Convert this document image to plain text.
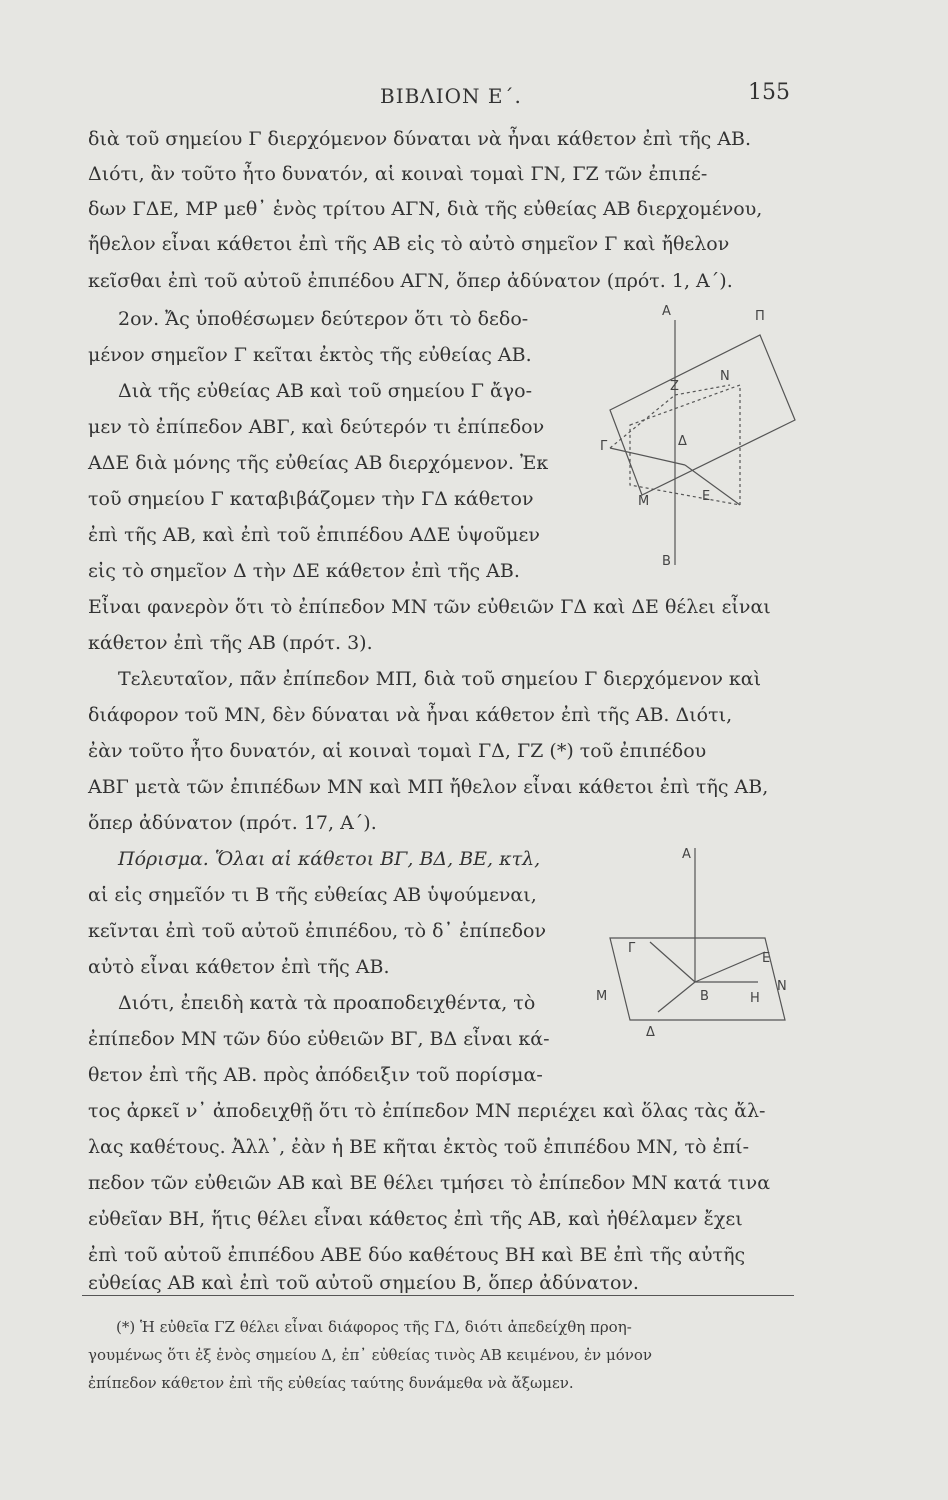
ΒΙΒΛΙΟΝ Ε΄.	155
διὰ τοῦ σημείου Γ διερχόμενον δύναται νὰ ἦναι κάθετον ἐπὶ τῆς ΑΒ.
Διότι, ἂν τοῦτο ἦτο δυνατόν, αἱ κοιναὶ τομαὶ ΓΝ, ΓΖ τῶν ἐπιπέ-
δων ΓΔΕ, ΜΡ μεθ᾽ ἑνὸς τρίτου ΑΓΝ, διὰ τῆς εὐθείας ΑΒ διερχομένου,
ἤθελον εἶναι κάθετοι ἐπὶ τῆς ΑΒ εἰς τὸ αὐτὸ σημεῖον Γ καὶ ἤθελον
κεῖσθαι ἐπὶ τοῦ αὐτοῦ ἐπιπέδου ΑΓΝ, ὅπερ ἀδύνατον (πρότ. 1, Α΄).
2ον. Ἄς ὑποθέσωμεν δεύτερον ὅτι τὸ δεδο-
μένον σημεῖον Γ κεῖται ἐκτὸς τῆς εὐθείας ΑΒ.
Διὰ τῆς εὐθείας ΑΒ καὶ τοῦ σημείου Γ ἄγο-
μεν τὸ ἐπίπεδον ΑΒΓ, καὶ δεύτερόν τι ἐπίπεδον
ΑΔΕ διὰ μόνης τῆς εὐθείας ΑΒ διερχόμενον. Ἐκ
τοῦ σημείου Γ καταβιβάζομεν τὴν ΓΔ κάθετον
ἐπὶ τῆς ΑΒ, καὶ ἐπὶ τοῦ ἐπιπέδου ΑΔΕ ὑψοῦμεν
εἰς τὸ σημεῖον Δ τὴν ΔΕ κάθετον ἐπὶ τῆς ΑΒ.
Εἶναι φανερὸν ὅτι τὸ ἐπίπεδον ΜΝ τῶν εὐθειῶν ΓΔ καὶ ΔΕ θέλει εἶναι
κάθετον ἐπὶ τῆς ΑΒ (πρότ. 3).
Τελευταῖον, πᾶν ἐπίπεδον ΜΠ, διὰ τοῦ σημείου Γ διερχόμενον καὶ
διάφορον τοῦ ΜΝ, δὲν δύναται νὰ ἦναι κάθετον ἐπὶ τῆς ΑΒ. Διότι,
ἐὰν τοῦτο ἦτο δυνατόν, αἱ κοιναὶ τομαὶ ΓΔ, ΓΖ (*) τοῦ ἐπιπέδου
ΑΒΓ μετὰ τῶν ἐπιπέδων ΜΝ καὶ ΜΠ ἤθελον εἶναι κάθετοι ἐπὶ τῆς ΑΒ,
ὅπερ ἀδύνατον (πρότ. 17, Α΄).
Πόρισμα. Ὅλαι αἱ κάθετοι ΒΓ, ΒΔ, ΒΕ, κτλ,
αἱ εἰς σημεῖόν τι Β τῆς εὐθείας ΑΒ ὑψούμεναι,
κεῖνται ἐπὶ τοῦ αὐτοῦ ἐπιπέδου, τὸ δ᾽ ἐπίπεδον
αὐτὸ εἶναι κάθετον ἐπὶ τῆς ΑΒ.
Διότι, ἐπειδὴ κατὰ τὰ προαποδειχθέντα, τὸ
ἐπίπεδον ΜΝ τῶν δύο εὐθειῶν ΒΓ, ΒΔ εἶναι κά-
θετον ἐπὶ τῆς ΑΒ. πρὸς ἀπόδειξιν τοῦ πορίσμα-
τος ἀρκεῖ ν᾽ ἀποδειχθῇ ὅτι τὸ ἐπίπεδον ΜΝ περιέχει καὶ ὅλας τὰς ἄλ-
λας καθέτους. Ἀλλ᾽, ἐὰν ἡ ΒΕ κῆται ἐκτὸς τοῦ ἐπιπέδου ΜΝ, τὸ ἐπί-
πεδον τῶν εὐθειῶν ΑΒ καὶ ΒΕ θέλει τμήσει τὸ ἐπίπεδον ΜΝ κατά τινα
εὐθεῖαν ΒΗ, ἥτις θέλει εἶναι κάθετος ἐπὶ τῆς ΑΒ, καὶ ἠθέλαμεν ἔχει
ἐπὶ τοῦ αὐτοῦ ἐπιπέδου ΑΒΕ δύο καθέτους ΒΗ καὶ ΒΕ ἐπὶ τῆς αὐτῆς
εὐθείας ΑΒ καὶ ἐπὶ τοῦ αὐτοῦ σημείου Β, ὅπερ ἀδύνατον.
(*) Ἡ εὐθεῖα ΓΖ θέλει εἶναι διάφορος τῆς ΓΔ, διότι ἀπεδείχθη προη-
γουμένως ὅτι ἐξ ἑνὸς σημείου Δ, ἐπ᾽ εὐθείας τινὸς ΑΒ κειμένου, ἐν μόνον
ἐπίπεδον κάθετον ἐπὶ τῆς εὐθείας ταύτης δυνάμεθα νὰ ἄξωμεν.
Α	Π
Ζ
Ν
Γ	Δ
Μ	Ε
Β
Α
Γ
Ε
Μ	Β	Η
Ν
Δ
